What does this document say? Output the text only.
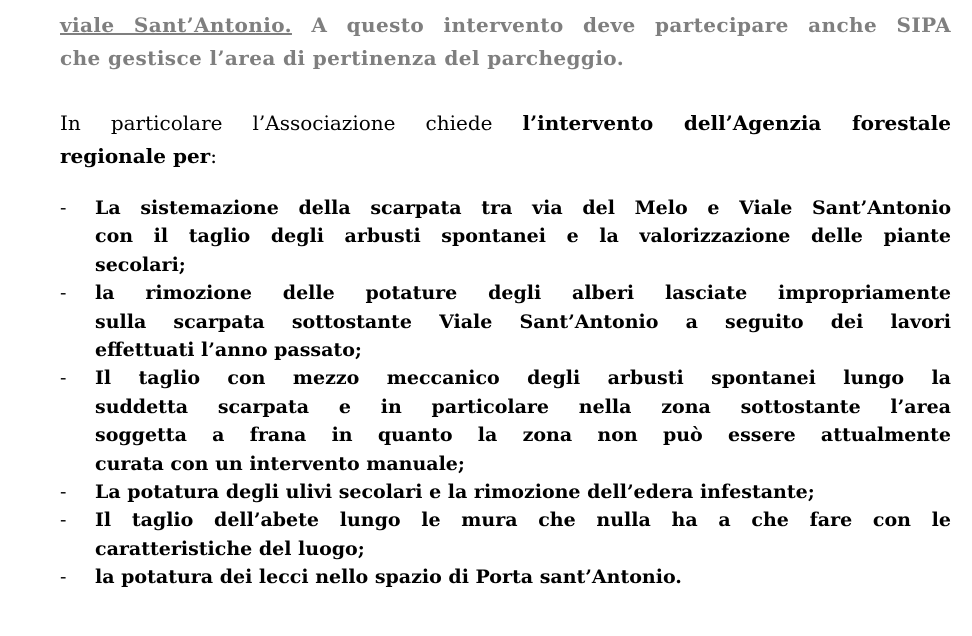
viale Sant’Antonio. A questo intervento deve partecipare anche SIPA
che gestisce l’area di pertinenza del parcheggio.
In particolare l’Associazione chiede l’intervento dell’Agenzia forestale
regionale per:
- La sistemazione della scarpata tra via del Melo e Viale Sant’Antonio
con il taglio degli arbusti spontanei e la valorizzazione delle piante
secolari;
- la rimozione delle potature degli alberi lasciate impropriamente
sulla scarpata sottostante Viale Sant’Antonio a seguito dei lavori
effettuati l’anno passato;
- Il taglio con mezzo meccanico degli arbusti spontanei lungo la
suddetta scarpata e in particolare nella zona sottostante l’area
soggetta a frana in quanto la zona non può essere attualmente
curata con un intervento manuale;
- La potatura degli ulivi secolari e la rimozione dell’edera infestante;
- Il taglio dell’abete lungo le mura che nulla ha a che fare con le
caratteristiche del luogo;
- la potatura dei lecci nello spazio di Porta sant’Antonio.
